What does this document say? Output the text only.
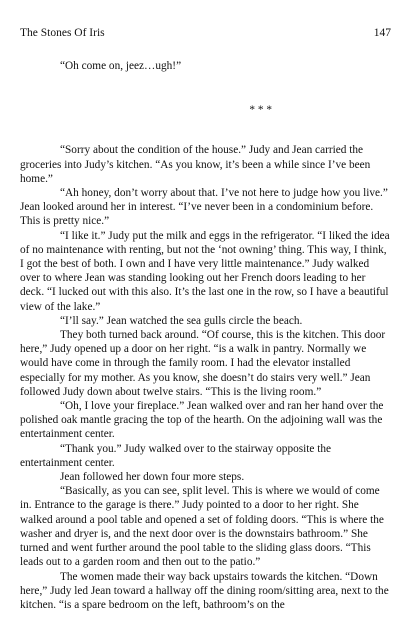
The Stones Of Iris	147

“Oh come on, jeez…ugh!”

* * *

“Sorry about the condition of the house.” Judy and Jean carried the groceries into Judy’s kitchen. “As you know, it’s been a while since I’ve been home.”

“Ah honey, don’t worry about that. I’ve not here to judge how you live.” Jean looked around her in interest. “I’ve never been in a condominium before. This is pretty nice.”

“I like it.” Judy put the milk and eggs in the refrigerator. “I liked the idea of no maintenance with renting, but not the ‘not owning’ thing. This way, I think, I got the best of both. I own and I have very little maintenance.” Judy walked over to where Jean was standing looking out her French doors leading to her deck. “I lucked out with this also. It’s the last one in the row, so I have a beautiful view of the lake.”

“I’ll say.” Jean watched the sea gulls circle the beach.

They both turned back around. “Of course, this is the kitchen. This door here,” Judy opened up a door on her right. “is a walk in pantry. Normally we would have come in through the family room. I had the elevator installed especially for my mother. As you know, she doesn’t do stairs very well.” Jean followed Judy down about twelve stairs. “This is the living room.”

“Oh, I love your fireplace.” Jean walked over and ran her hand over the polished oak mantle gracing the top of the hearth. On the adjoining wall was the entertainment center.

“Thank you.” Judy walked over to the stairway opposite the entertainment center.

Jean followed her down four more steps.

“Basically, as you can see, split level. This is where we would of come in. Entrance to the garage is there.” Judy pointed to a door to her right. She walked around a pool table and opened a set of folding doors. “This is where the washer and dryer is, and the next door over is the downstairs bathroom.” She turned and went further around the pool table to the sliding glass doors. “This leads out to a garden room and then out to the patio.”

The women made their way back upstairs towards the kitchen. “Down here,” Judy led Jean toward a hallway off the dining room/sitting area, next to the kitchen. “is a spare bedroom on the left, bathroom’s on the
